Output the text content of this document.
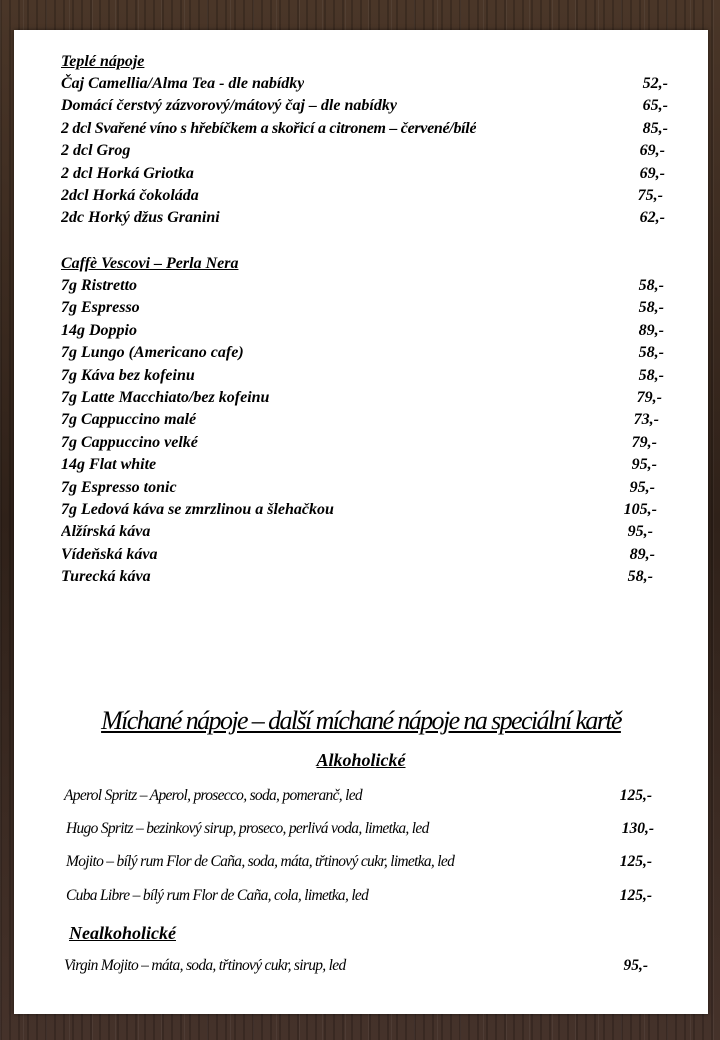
Teplé nápoje
Čaj Camellia/Alma Tea - dle nabídky	52,-
Domácí čerstvý zázvorový/mátový čaj – dle nabídky	65,-
2 dcl Svařené víno s hřebíčkem a skořicí a citronem – červené/bílé	85,-
2 dcl Grog	69,-
2 dcl Horká Griotka	69,-
2dcl Horká čokoláda	75,-
2dc Horký džus Granini	62,-
Caffè Vescovi – Perla Nera
7g Ristretto	58,-
7g Espresso	58,-
14g Doppio	89,-
7g Lungo (Americano cafe)	58,-
7g Káva bez kofeinu	58,-
7g Latte Macchiato/bez kofeinu	79,-
7g Cappuccino malé	73,-
7g Cappuccino velké	79,-
14g Flat white	95,-
7g Espresso tonic	95,-
7g Ledová káva se zmrzlinou a šlehačkou	105,-
Alžírská káva	95,-
Vídeňská káva	89,-
Turecká káva	58,-
Míchané nápoje – další míchané nápoje na speciální kartě
Alkoholické
Aperol Spritz – Aperol, prosecco, soda, pomeranč, led	125,-
Hugo Spritz – bezinkový sirup, proseco, perlivá voda, limetka, led	130,-
Mojito – bílý rum Flor de Caña, soda, máta, třtinový cukr, limetka, led	125,-
Cuba Libre – bílý rum Flor de Caña, cola, limetka, led	125,-
Nealkoholické
Virgin Mojito – máta, soda, třtinový cukr, sirup, led	95,-
